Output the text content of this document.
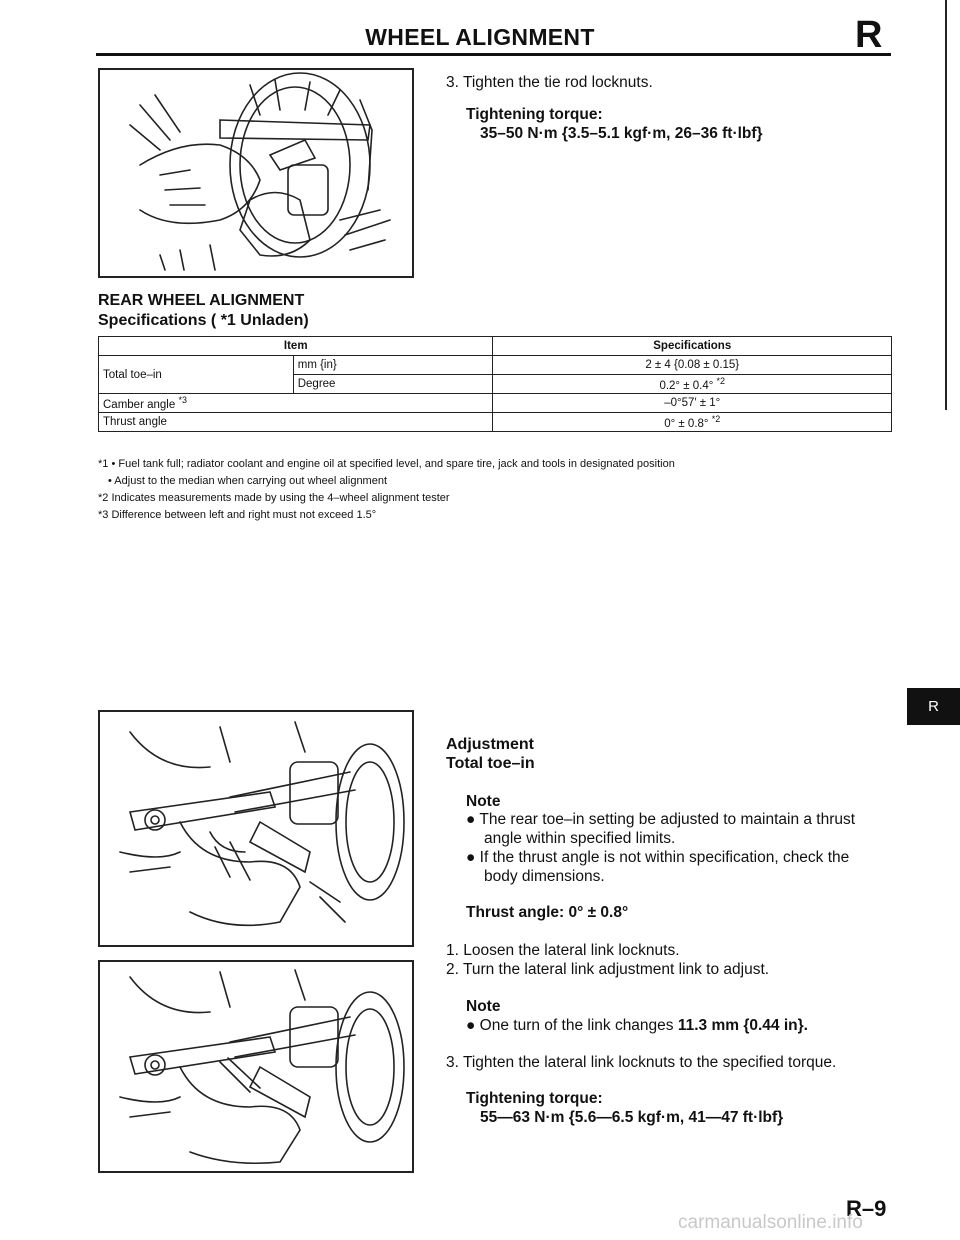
WHEEL ALIGNMENT	R
R
3. Tighten the tie rod locknuts.
Tightening torque:
35–50 N·m {3.5–5.1 kgf·m, 26–36 ft·lbf}
REAR WHEEL ALIGNMENT
Specifications ( *1 Unladen)
Item		Specifications
Total toe–in	mm {in}	2 ± 4 {0.08 ± 0.15}
	Degree	0.2° ± 0.4° $^{*2}$
Camber angle $^{*3}$		–0°57′ ± 1°
Thrust angle		0° ± 0.8° $^{*2}$
*1 • Fuel tank full; radiator coolant and engine oil at specified level, and spare tire, jack and tools in designated position
• Adjust to the median when carrying out wheel alignment
*2 Indicates measurements made by using the 4–wheel alignment tester
*3 Difference between left and right must not exceed 1.5°
Adjustment
Total toe–in
Note
● The rear toe–in setting be adjusted to maintain a thrust
angle within specified limits.
● If the thrust angle is not within specification, check the
body dimensions.
Thrust angle: 0° ± 0.8°
1. Loosen the lateral link locknuts.
2. Turn the lateral link adjustment link to adjust.
Note
● One turn of the link changes 11.3 mm {0.44 in}.
3. Tighten the lateral link locknuts to the specified torque.
Tightening torque:
55—63 N·m {5.6—6.5 kgf·m, 41—47 ft·lbf}
R–9
carmanualsonline.info
